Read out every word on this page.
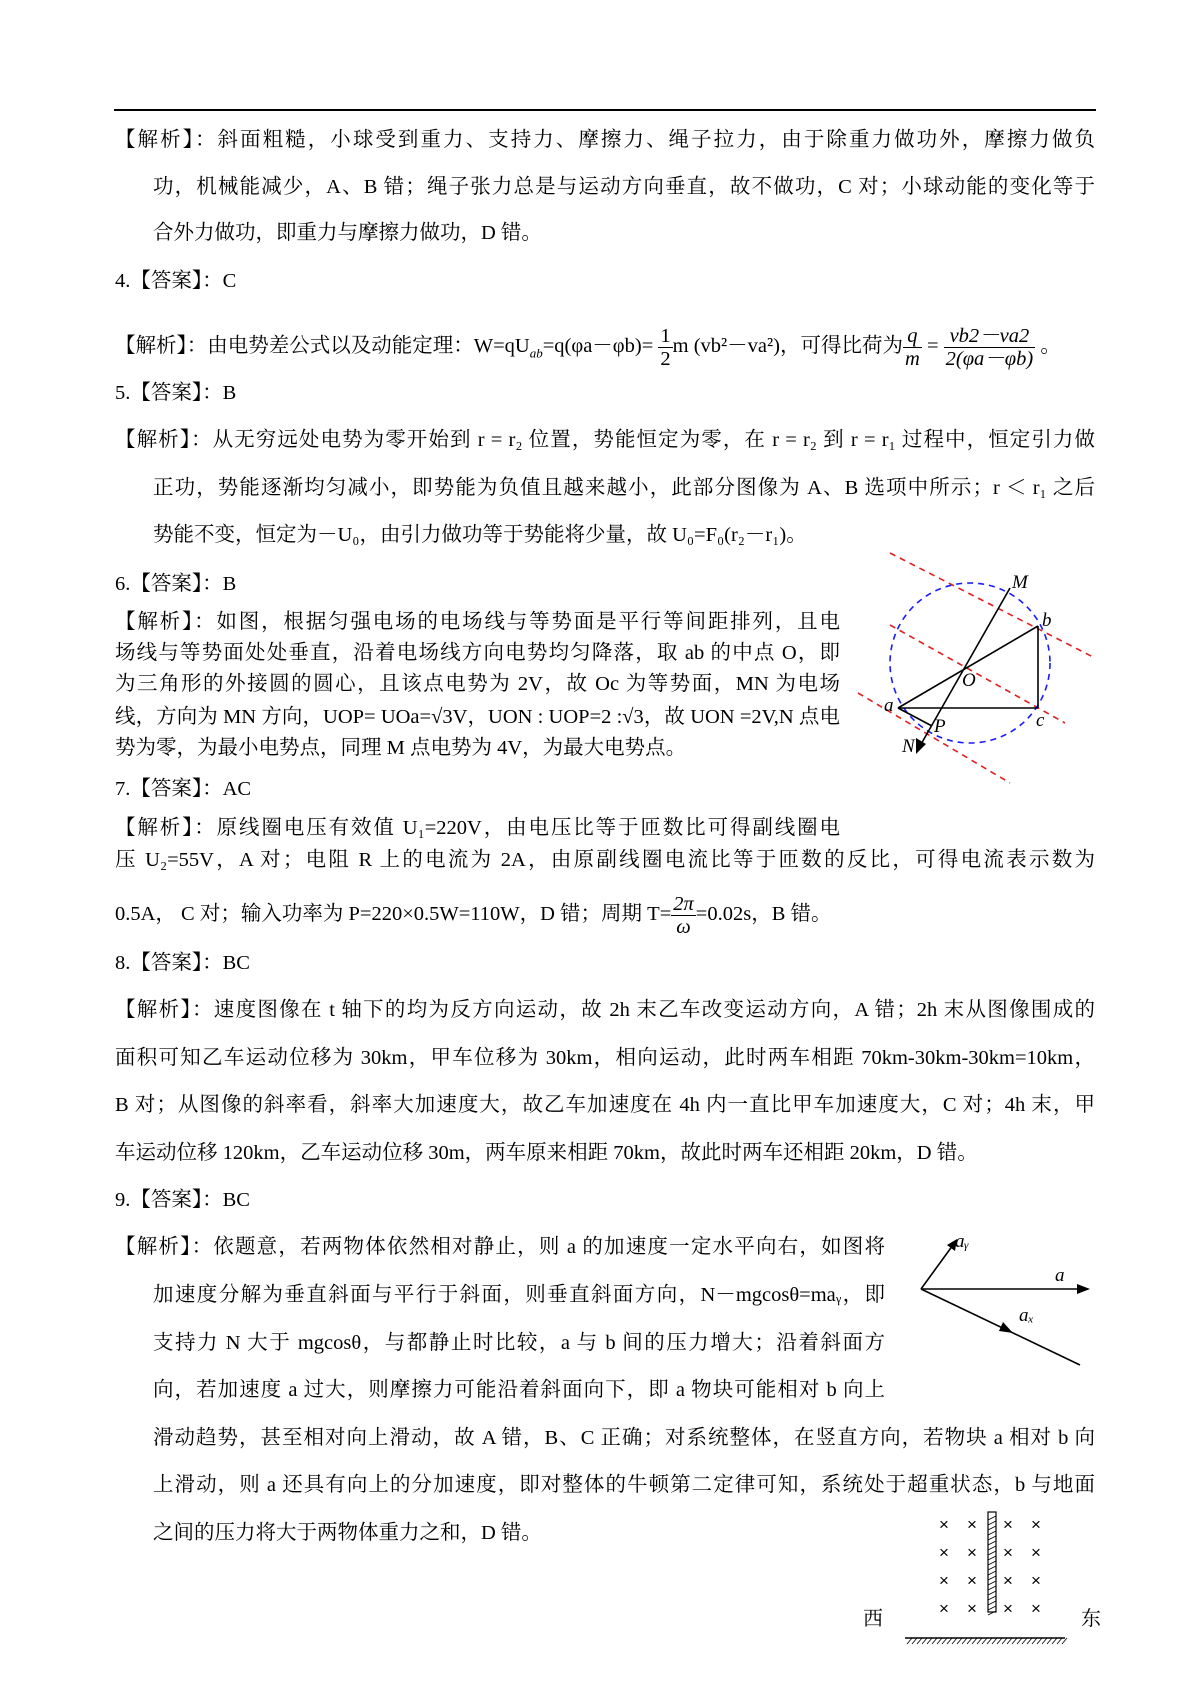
【解析】：斜面粗糙，小球受到重力、支持力、摩擦力、绳子拉力，由于除重力做功外，摩擦力做负
功，机械能减少，A、B 错；绳子张力总是与运动方向垂直，故不做功，C 对；小球动能的变化等于
合外力做功，即重力与摩擦力做功，D 错。
4.【答案】：C
【解析】：由电势差公式以及动能定理：$W=qU_{ab}=q(\varphi a-\varphi b)= \frac{1}{2}$ m (vb²－va²)，可得比荷为 $\frac{q}{m} = \frac{vb2-va2}{2(\varphi a-\varphi b)}$ 。
5.【答案】：B
【解析】：从无穷远处电势为零开始到 r = r₂ 位置，势能恒定为零，在 r = r₂ 到 r = r₁ 过程中，恒定引力做
正功，势能逐渐均匀减小，即势能为负值且越来越小，此部分图像为 A、B 选项中所示；r ＜ r₁ 之后
势能不变，恒定为－U₀，由引力做功等于势能将少量，故 U₀=F₀(r₂－r₁)。
6.【答案】：B
【解析】：如图，根据匀强电场的电场线与等势面是平行等间距排列，且电
场线与等势面处处垂直，沿着电场线方向电势均匀降落，取 ab 的中点 O，即
为三角形的外接圆的圆心，且该点电势为 2V，故 Oc 为等势面，MN 为电场
线，方向为 MN 方向，UOP= UOa=√3V，UON : UOP=2 :√3，故 UON =2V,N 点电
势为零，为最小电势点，同理 M 点电势为 4V，为最大电势点。
M
b
O
a
c
P
N
7.【答案】：AC
【解析】：原线圈电压有效值 U₁=220V，由电压比等于匝数比可得副线圈电
压 U₂=55V，A 对；电阻 R 上的电流为 2A，由原副线圈电流比等于匝数的反比，可得电流表示数为
0.5A， C 对；输入功率为 P=220×0.5W=110W，D 错；周期 $T= \frac{2\pi}{\omega} =0.02s$，B 错。
8.【答案】：BC
【解析】：速度图像在 t 轴下的均为反方向运动，故 2h 末乙车改变运动方向，A 错；2h 末从图像围成的
面积可知乙车运动位移为 30km，甲车位移为 30km，相向运动，此时两车相距 70km-30km-30km=10km，
B 对；从图像的斜率看，斜率大加速度大，故乙车加速度在 4h 内一直比甲车加速度大，C 对；4h 末，甲
车运动位移 120km，乙车运动位移 30m，两车原来相距 70km，故此时两车还相距 20km，D 错。
9.【答案】：BC
【解析】：依题意，若两物体依然相对静止，则 a 的加速度一定水平向右，如图将
加速度分解为垂直斜面与平行于斜面，则垂直斜面方向，N－mgcosθ=maᵧ，即
支持力 N 大于 mgcosθ，与都静止时比较，a 与 b 间的压力增大；沿着斜面方
向，若加速度 a 过大，则摩擦力可能沿着斜面向下，即 a 物块可能相对 b 向上
滑动趋势，甚至相对向上滑动，故 A 错，B、C 正确；对系统整体，在竖直方向，若物块 a 相对 b 向
上滑动，则 a 还具有向上的分加速度，即对整体的牛顿第二定律可知，系统处于超重状态，b 与地面
之间的压力将大于两物体重力之和，D 错。
aᵧ
a
aₓ
× × × ×
× × × ×
× × × ×
× × × ×
西	东
